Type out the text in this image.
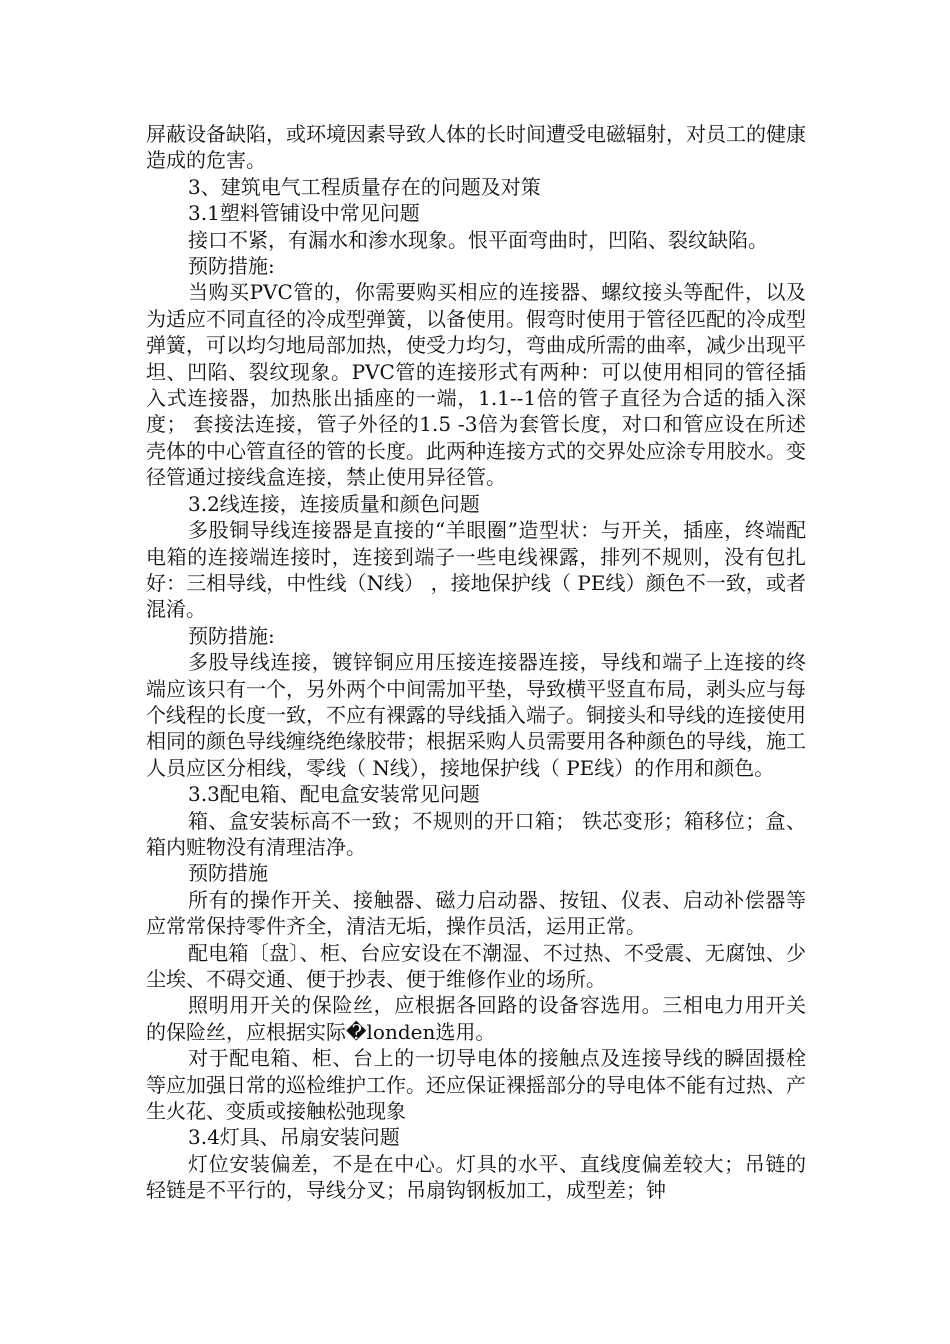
屏蔽设备缺陷，或环境因素导致人体的长时间遭受电磁辐射，对员工的健康造成的危害。

3、建筑电气工程质量存在的问题及对策

3.1塑料管铺设中常见问题

接口不紧，有漏水和渗水现象。恨平面弯曲时，凹陷、裂纹缺陷。

预防措施:

当购买PVC管的，你需要购买相应的连接器、螺纹接头等配件，以及为适应不同直径的冷成型弹簧，以备使用。假弯时使用于管径匹配的冷成型弹簧，可以均匀地局部加热，使受力均匀，弯曲成所需的曲率，减少出现平坦、凹陷、裂纹现象。PVC管的连接形式有两种：可以使用相同的管径插入式连接器，加热胀出插座的一端，1.1--1倍的管子直径为合适的插入深度； 套接法连接，管子外径的1.5 -3倍为套管长度，对口和管应设在所述壳体的中心管直径的管的长度。此两种连接方式的交界处应涂专用胶水。变径管通过接线盒连接，禁止使用异径管。

3.2线连接，连接质量和颜色问题

多股铜导线连接器是直接的“羊眼圈”造型状：与开关，插座，终端配电箱的连接端连接时，连接到端子一些电线裸露，排列不规则，没有包扎好：三相导线，中性线（N线） ，接地保护线（ PE线）颜色不一致，或者混淆。

预防措施:

多股导线连接，镀锌铜应用压接连接器连接，导线和端子上连接的终端应该只有一个，另外两个中间需加平垫，导致横平竖直布局，剥头应与每个线程的长度一致，不应有裸露的导线插入端子。铜接头和导线的连接使用相同的颜色导线缠绕绝缘胶带；根据采购人员需要用各种颜色的导线，施工人员应区分相线，零线（ N线），接地保护线（ PE线）的作用和颜色。

3.3配电箱、配电盒安装常见问题

箱、盒安装标高不一致；不规则的开口箱； 铁芯变形；箱移位；盒、箱内赃物没有清理洁净。

预防措施

所有的操作开关、接触器、磁力启动器、按钮、仪表、启动补偿器等应常常保持零件齐全，清洁无垢，操作员活，运用正常。

配电箱〔盘〕、柜、台应安设在不潮湿、不过热、不受震、无腐蚀、少尘埃、不碍交通、便于抄表、便于维修作业的场所。

照明用开关的保险丝，应根据各回路的设备容选用。三相电力用开关的保险丝，应根据实际�londen选用。

对于配电箱、柜、台上的一切导电体的接触点及连接导线的瞬固摄栓等应加强日常的巡检维护工作。还应保证裸摇部分的导电体不能有过热、产生火花、变质或接触松弛现象

3.4灯具、吊扇安装问题

灯位安装偏差，不是在中心。灯具的水平、直线度偏差较大；吊链的轻链是不平行的，导线分叉；吊扇钩钢板加工，成型差；钟
